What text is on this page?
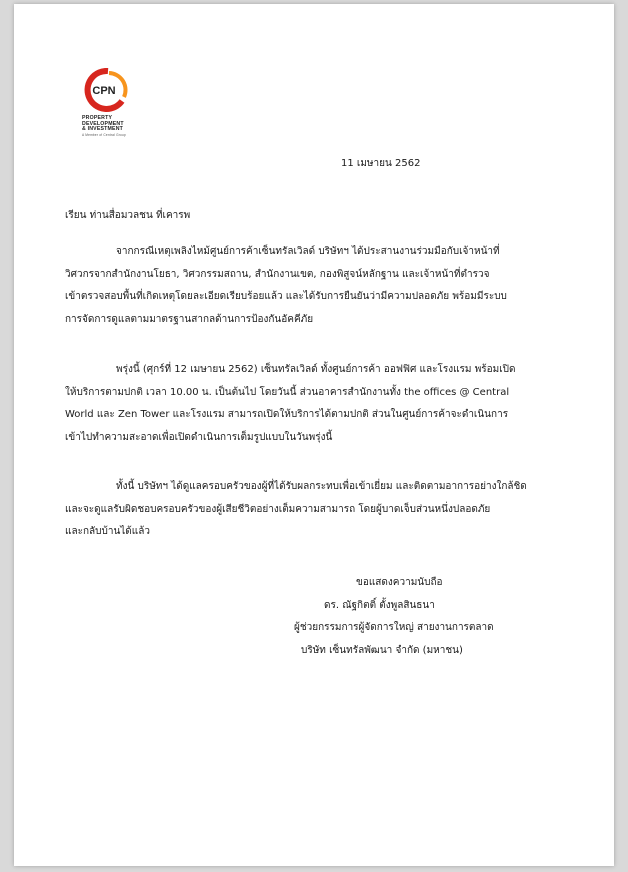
CPN
PROPERTY
DEVELOPMENT
& INVESTMENT
A Member of Central Group
11 เมษายน 2562
เรียน ท่านสื่อมวลชน ที่เคารพ
จากกรณีเหตุเพลิงไหม้ศูนย์การค้าเซ็นทรัลเวิลด์ บริษัทฯ ได้ประสานงานร่วมมือกับเจ้าหน้าที่
วิศวกรจากสำนักงานโยธา, วิศวกรรมสถาน, สำนักงานเขต, กองพิสูจน์หลักฐาน และเจ้าหน้าที่ตำรวจ
เข้าตรวจสอบพื้นที่เกิดเหตุโดยละเอียดเรียบร้อยแล้ว และได้รับการยืนยันว่ามีความปลอดภัย พร้อมมีระบบ
การจัดการดูแลตามมาตรฐานสากลด้านการป้องกันอัคคีภัย
พรุ่งนี้ (ศุกร์ที่ 12 เมษายน 2562) เซ็นทรัลเวิลด์ ทั้งศูนย์การค้า ออฟฟิศ และโรงแรม พร้อมเปิด
ให้บริการตามปกติ เวลา 10.00 น. เป็นต้นไป โดยวันนี้ ส่วนอาคารสำนักงานทั้ง the offices @ Central
World และ Zen Tower และโรงแรม สามารถเปิดให้บริการได้ตามปกติ ส่วนในศูนย์การค้าจะดำเนินการ
เข้าไปทำความสะอาดเพื่อเปิดดำเนินการเต็มรูปแบบในวันพรุ่งนี้
ทั้งนี้ บริษัทฯ ได้ดูแลครอบครัวของผู้ที่ได้รับผลกระทบเพื่อเข้าเยี่ยม และติดตามอาการอย่างใกล้ชิด
และจะดูแลรับผิดชอบครอบครัวของผู้เสียชีวิตอย่างเต็มความสามารถ โดยผู้บาดเจ็บส่วนหนึ่งปลอดภัย
และกลับบ้านได้แล้ว
ขอแสดงความนับถือ
ดร. ณัฐกิตติ์ ตั้งพูลสินธนา
ผู้ช่วยกรรมการผู้จัดการใหญ่ สายงานการตลาด
บริษัท เซ็นทรัลพัฒนา จำกัด (มหาชน)
